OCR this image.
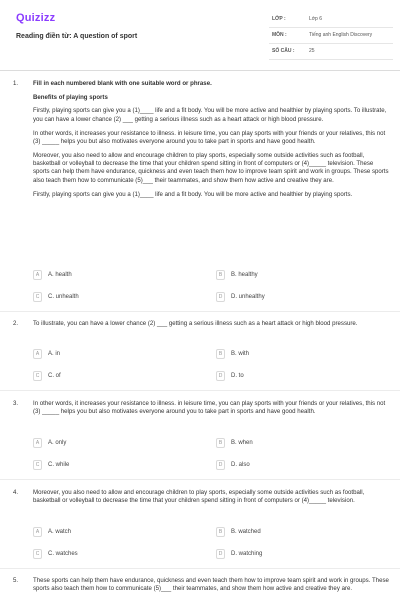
Quizizz
Reading điền từ: A question of sport
LỚP :	Lớp 6
MÔN :	Tiếng anh English Discovery
SỐ CÂU :	25
1. Fill in each numbered blank with one suitable word or phrase.

Benefits of playing sports

Firstly, playing sports can give you a (1)____ life and a fit body. You will be more active and healthier by playing sports. To illustrate, you can have a lower chance (2) ___ getting a serious illness such as a heart attack or high blood pressure.

In other words, it increases your resistance to illness. in leisure time, you can play sports with your friends or your relatives, this not (3) _____ helps you but also motivates everyone around you to take part in sports and have good health.

Moreover, you also need to allow and encourage children to play sports, especially some outside activities such as football, basketball or volleyball to decrease the time that your children spend sitting in front of computers or (4)_____ television. These sports can help them have endurance, quickness and even teach them how to improve team spirit and work in groups. These sports also teach them how to communicate (5)___ their teammates, and show them how active and creative they are.

Firstly, playing sports can give you a (1)____ life and a fit body. You will be more active and healthier by playing sports.

A	A. health	B	B. healthy
C	C. unhealth	D	D. unhealthy
2. To illustrate, you can have a lower chance (2) ___ getting a serious illness such as a heart attack or high blood pressure.

A	A. in	B	B. with
C	C. of	D	D. to
3. In other words, it increases your resistance to illness. in leisure time, you can play sports with your friends or your relatives, this not (3) _____ helps you but also motivates everyone around you to take part in sports and have good health.

A	A. only	B	B. when
C	C. while	D	D. also
4. Moreover, you also need to allow and encourage children to play sports, especially some outside activities such as football, basketball or volleyball to decrease the time that your children spend sitting in front of computers or (4)_____ television.

A	A. watch	B	B. watched
C	C. watches	D	D. watching
5. These sports can help them have endurance, quickness and even teach them how to improve team spirit and work in groups. These sports also teach them how to communicate (5)___ their teammates, and show them how active and creative they are.
